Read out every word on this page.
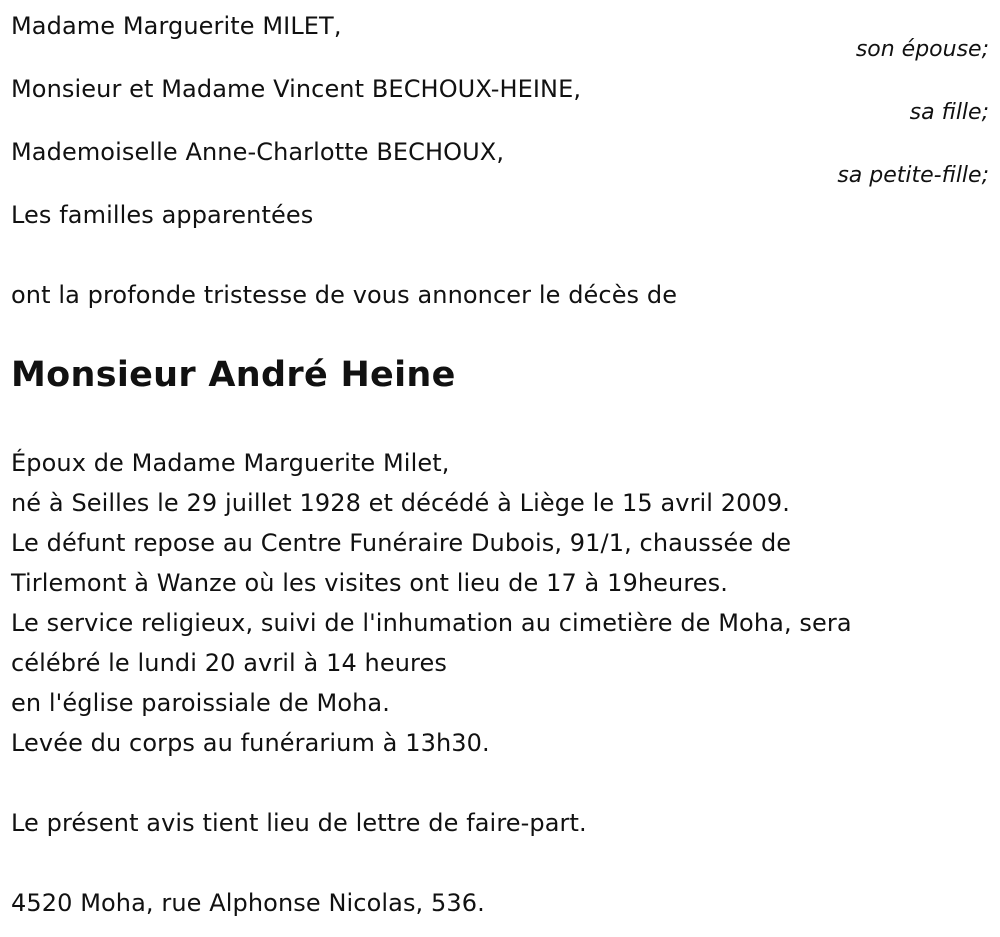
Madame Marguerite MILET,
son épouse;
Monsieur et Madame Vincent BECHOUX-HEINE,
sa fille;
Mademoiselle Anne-Charlotte BECHOUX,
sa petite-fille;
Les familles apparentées
ont la profonde tristesse de vous annoncer le décès de
Monsieur André Heine
Époux de Madame Marguerite Milet,
né à Seilles le 29 juillet 1928 et décédé à Liège le 15 avril 2009.
Le défunt repose au Centre Funéraire Dubois, 91/1, chaussée de
Tirlemont à Wanze où les visites ont lieu de 17 à 19heures.
Le service religieux, suivi de l'inhumation au cimetière de Moha, sera
célébré le lundi 20 avril à 14 heures
en l'église paroissiale de Moha.
Levée du corps au funérarium à 13h30.
Le présent avis tient lieu de lettre de faire-part.
4520 Moha, rue Alphonse Nicolas, 536.
